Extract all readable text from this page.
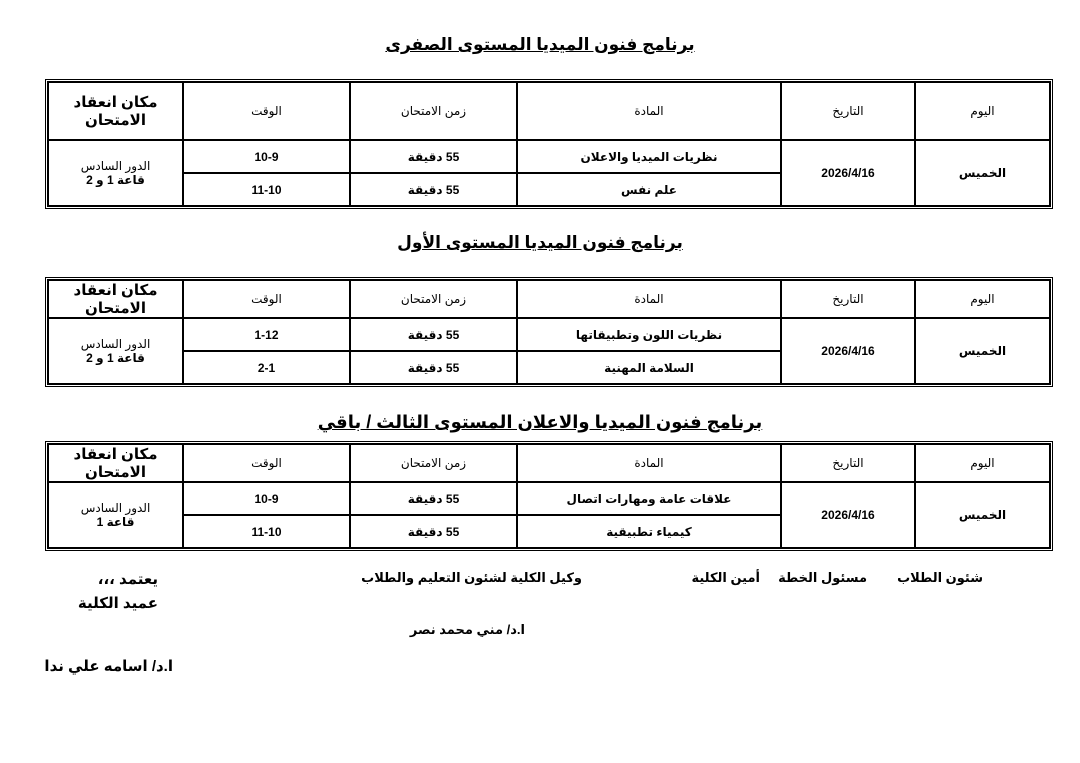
برنامج فنون الميديا المستوى الصفرى
اليوم	التاريخ	المادة	زمن الامتحان	الوقت	مكان انعقاد الامتحان
الخميس	2026/4/16	نظريات الميديا والاعلان	55 دقيقة	10-9	الدور السادس
قاعة 1 و 2

		علم نفس	55 دقيقة	11-10	
برنامج فنون الميديا المستوى الأول
اليوم	التاريخ	المادة	زمن الامتحان	الوقت	مكان انعقاد الامتحان
الخميس	2026/4/16	نظريات اللون وتطبيقاتها	55 دقيقة	1-12	الدور السادس
قاعة 1 و 2

		السلامة المهنية	55 دقيقة	2-1	
برنامج فنون الميديا والاعلان المستوى الثالث / باقي
اليوم	التاريخ	المادة	زمن الامتحان	الوقت	مكان انعقاد الامتحان
الخميس	2026/4/16	علاقات عامة ومهارات اتصال	55 دقيقة	10-9	الدور السادس
قاعة 1

		كيمياء تطبيقية	55 دقيقة	11-10	
شئون الطلاب
مسئول الخطة
أمين الكلية
وكيل الكلية لشئون التعليم والطلاب
ا.د/ مني محمد نصر
يعتمد ،،،
عميد الكلية
ا.د/ اسامه علي ندا
